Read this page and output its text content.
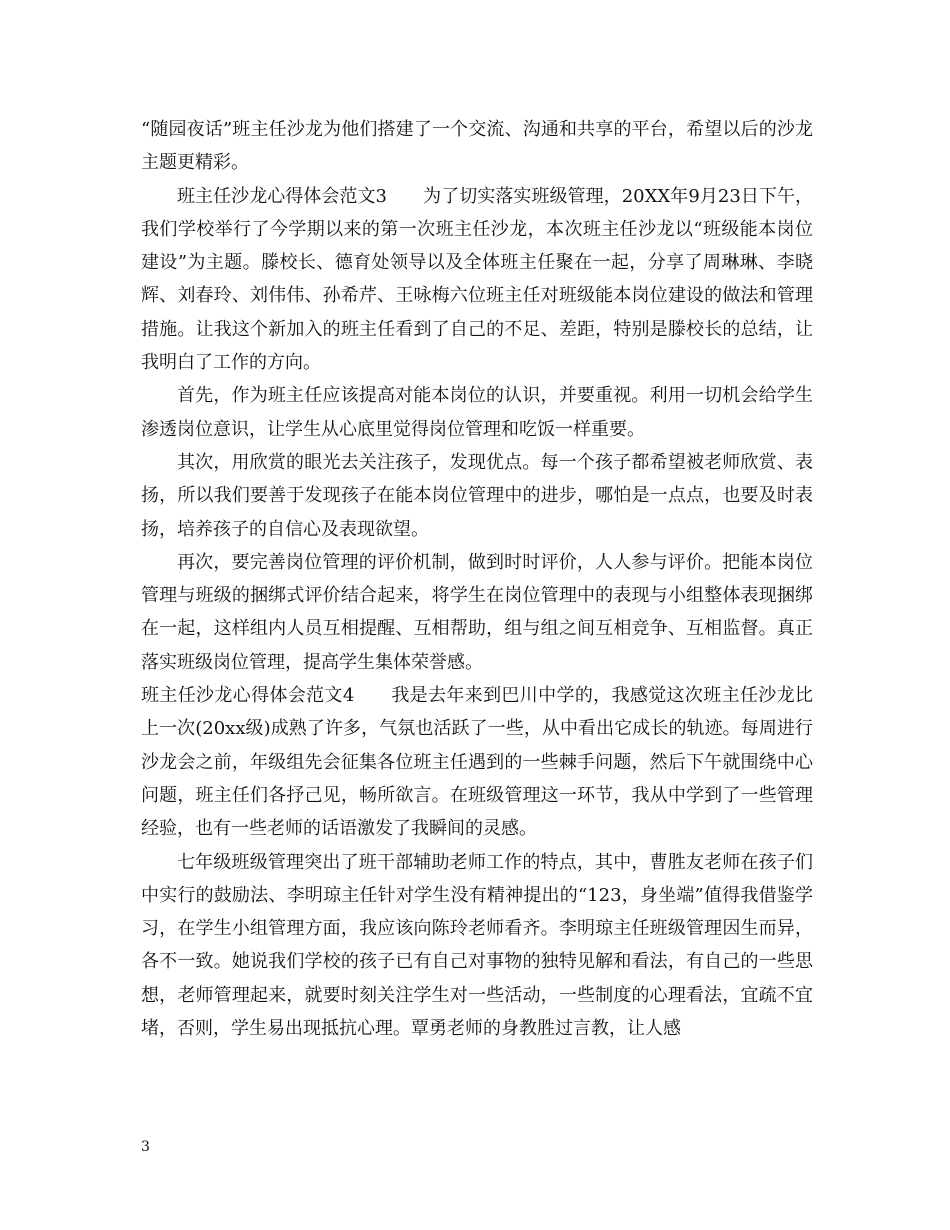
“随园夜话”班主任沙龙为他们搭建了一个交流、沟通和共享的平台，希望以后的沙龙主题更精彩。

班主任沙龙心得体会范文3　　为了切实落实班级管理，20XX年9月23日下午，我们学校举行了今学期以来的第一次班主任沙龙，本次班主任沙龙以“班级能本岗位建设”为主题。滕校长、德育处领导以及全体班主任聚在一起，分享了周琳琳、李晓辉、刘春玲、刘伟伟、孙希芹、王咏梅六位班主任对班级能本岗位建设的做法和管理措施。让我这个新加入的班主任看到了自己的不足、差距，特别是滕校长的总结，让我明白了工作的方向。

首先，作为班主任应该提高对能本岗位的认识，并要重视。利用一切机会给学生渗透岗位意识，让学生从心底里觉得岗位管理和吃饭一样重要。

其次，用欣赏的眼光去关注孩子，发现优点。每一个孩子都希望被老师欣赏、表扬，所以我们要善于发现孩子在能本岗位管理中的进步，哪怕是一点点，也要及时表扬，培养孩子的自信心及表现欲望。

再次，要完善岗位管理的评价机制，做到时时评价，人人参与评价。把能本岗位管理与班级的捆绑式评价结合起来，将学生在岗位管理中的表现与小组整体表现捆绑在一起，这样组内人员互相提醒、互相帮助，组与组之间互相竞争、互相监督。真正落实班级岗位管理，提高学生集体荣誉感。

班主任沙龙心得体会范文4　　我是去年来到巴川中学的，我感觉这次班主任沙龙比上一次(20xx级)成熟了许多，气氛也活跃了一些，从中看出它成长的轨迹。每周进行沙龙会之前，年级组先会征集各位班主任遇到的一些棘手问题，然后下午就围绕中心问题，班主任们各抒己见，畅所欲言。在班级管理这一环节，我从中学到了一些管理经验，也有一些老师的话语激发了我瞬间的灵感。

七年级班级管理突出了班干部辅助老师工作的特点，其中，曹胜友老师在孩子们中实行的鼓励法、李明琼主任针对学生没有精神提出的“123，身坐端”值得我借鉴学习，在学生小组管理方面，我应该向陈玲老师看齐。李明琼主任班级管理因生而异，各不一致。她说我们学校的孩子已有自己对事物的独特见解和看法，有自己的一些思想，老师管理起来，就要时刻关注学生对一些活动，一些制度的心理看法，宜疏不宜堵，否则，学生易出现抵抗心理。覃勇老师的身教胜过言教，让人感

3
